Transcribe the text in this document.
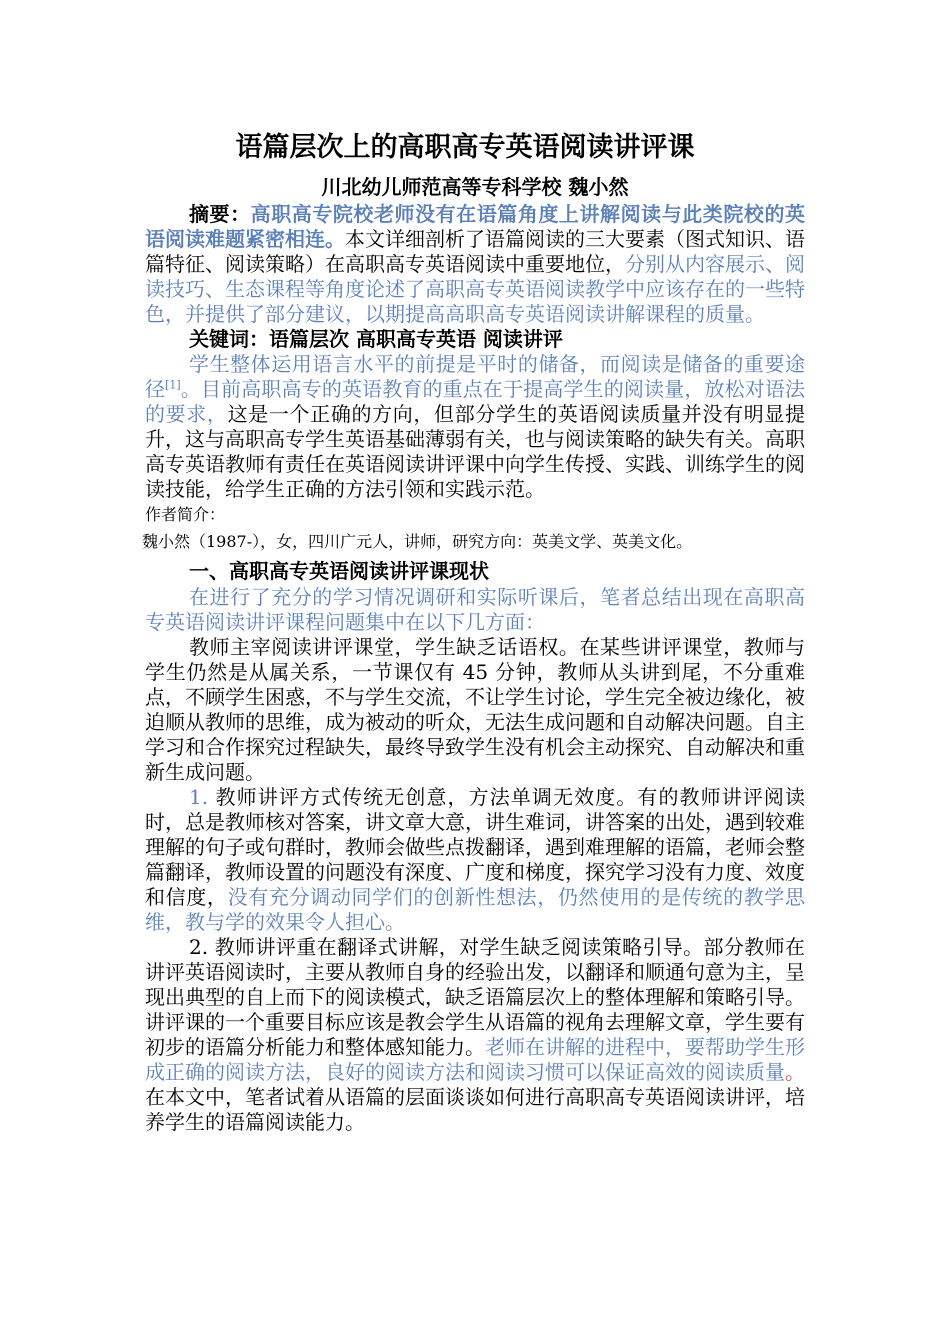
语篇层次上的高职高专英语阅读讲评课
川北幼儿师范高等专科学校 魏小然

摘要：高职高专院校老师没有在语篇角度上讲解阅读与此类院校的英语阅读难题紧密相连。本文详细剖析了语篇阅读的三大要素（图式知识、语篇特征、阅读策略）在高职高专英语阅读中重要地位，分别从内容展示、阅读技巧、生态课程等角度论述了高职高专英语阅读教学中应该存在的一些特色，并提供了部分建议，以期提高高职高专英语阅读讲解课程的质量。

关键词：语篇层次 高职高专英语 阅读讲评

学生整体运用语言水平的前提是平时的储备，而阅读是储备的重要途径[1]。目前高职高专的英语教育的重点在于提高学生的阅读量，放松对语法的要求，这是一个正确的方向，但部分学生的英语阅读质量并没有明显提升，这与高职高专学生英语基础薄弱有关，也与阅读策略的缺失有关。高职高专英语教师有责任在英语阅读讲评课中向学生传授、实践、训练学生的阅读技能，给学生正确的方法引领和实践示范。

作者简介：
魏小然（1987-），女，四川广元人，讲师，研究方向：英美文学、英美文化。
一、高职高专英语阅读讲评课现状

在进行了充分的学习情况调研和实际听课后，笔者总结出现在高职高专英语阅读讲评课程问题集中在以下几方面：

教师主宰阅读讲评课堂，学生缺乏话语权。在某些讲评课堂，教师与学生仍然是从属关系，一节课仅有 45 分钟，教师从头讲到尾，不分重难点，不顾学生困惑，不与学生交流，不让学生讨论，学生完全被边缘化，被迫顺从教师的思维，成为被动的听众，无法生成问题和自动解决问题。自主学习和合作探究过程缺失，最终导致学生没有机会主动探究、自动解决和重新生成问题。

1. 教师讲评方式传统无创意，方法单调无效度。有的教师讲评阅读时，总是教师核对答案，讲文章大意，讲生难词，讲答案的出处，遇到较难理解的句子或句群时，教师会做些点拨翻译，遇到难理解的语篇，老师会整篇翻译，教师设置的问题没有深度、广度和梯度，探究学习没有力度、效度和信度，没有充分调动同学们的创新性想法，仍然使用的是传统的教学思维，教与学的效果令人担心。

2. 教师讲评重在翻译式讲解，对学生缺乏阅读策略引导。部分教师在讲评英语阅读时，主要从教师自身的经验出发，以翻译和顺通句意为主，呈现出典型的自上而下的阅读模式，缺乏语篇层次上的整体理解和策略引导。讲评课的一个重要目标应该是教会学生从语篇的视角去理解文章，学生要有初步的语篇分析能力和整体感知能力。老师在讲解的进程中，要帮助学生形成正确的阅读方法，良好的阅读方法和阅读习惯可以保证高效的阅读质量。在本文中，笔者试着从语篇的层面谈谈如何进行高职高专英语阅读讲评，培养学生的语篇阅读能力。
